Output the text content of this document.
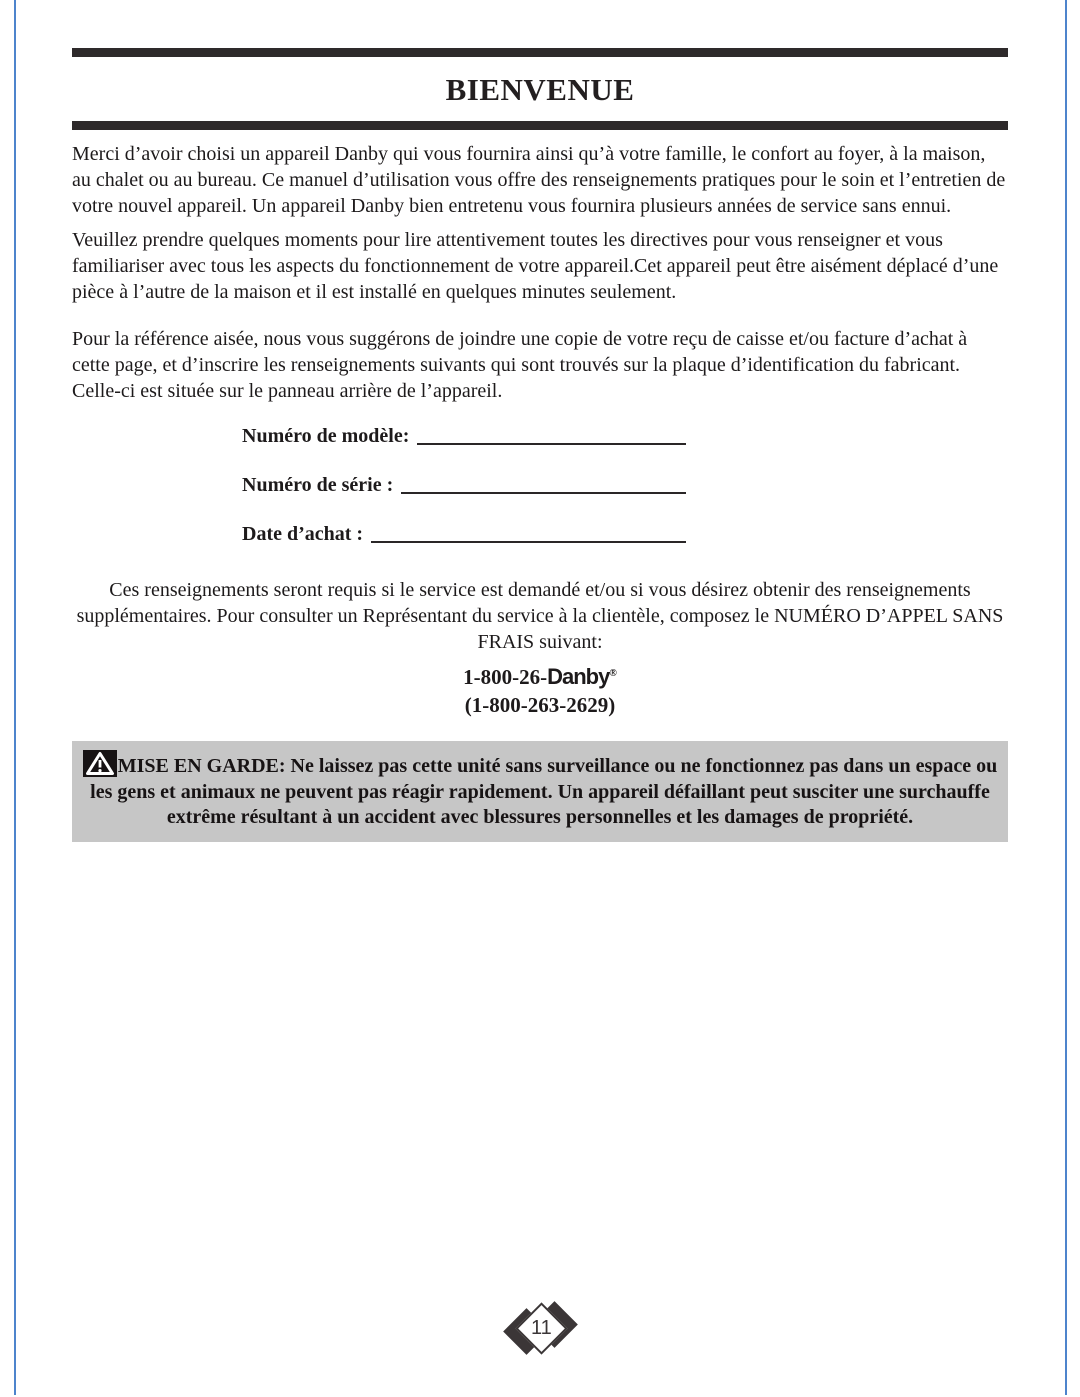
BIENVENUE

Merci d’avoir choisi un appareil Danby qui vous fournira ainsi qu’à votre famille, le confort au foyer, à la maison, au chalet ou au bureau. Ce manuel d’utilisation vous offre des renseignements pratiques pour le soin et l’entretien de votre nouvel appareil. Un appareil Danby bien entretenu vous fournira plusieurs années de service sans ennui.

Veuillez prendre quelques moments pour lire attentivement toutes les directives pour vous renseigner et vous familiariser avec tous les aspects du fonctionnement de votre appareil.Cet appareil peut être aisément déplacé d’une pièce à l’autre de la maison et il est installé en quelques minutes seulement.

Pour la référence aisée, nous vous suggérons de joindre une copie de votre reçu de caisse et/ou facture d’achat à cette page, et d’inscrire les renseignements suivants qui sont trouvés sur la plaque d’identification du fabricant. Celle-ci est située sur le panneau arrière de l’appareil.

Numéro de modèle:
Numéro de série :
Date d’achat :

Ces renseignements seront requis si le service est demandé et/ou si vous désirez obtenir des renseignements supplémentaires. Pour consulter un Représentant du service à la clientèle, composez le NUMÉRO D’APPEL SANS FRAIS suivant:

1-800-26-Danby®
(1-800-263-2629)
MISE EN GARDE: Ne laissez pas cette unité sans surveillance ou ne fonctionnez pas dans un espace ou les gens et animaux ne peuvent pas réagir rapidement. Un appareil défaillant peut susciter une surchauffe extrême résultant à un accident avec blessures personnelles et les damages de propriété.
11
